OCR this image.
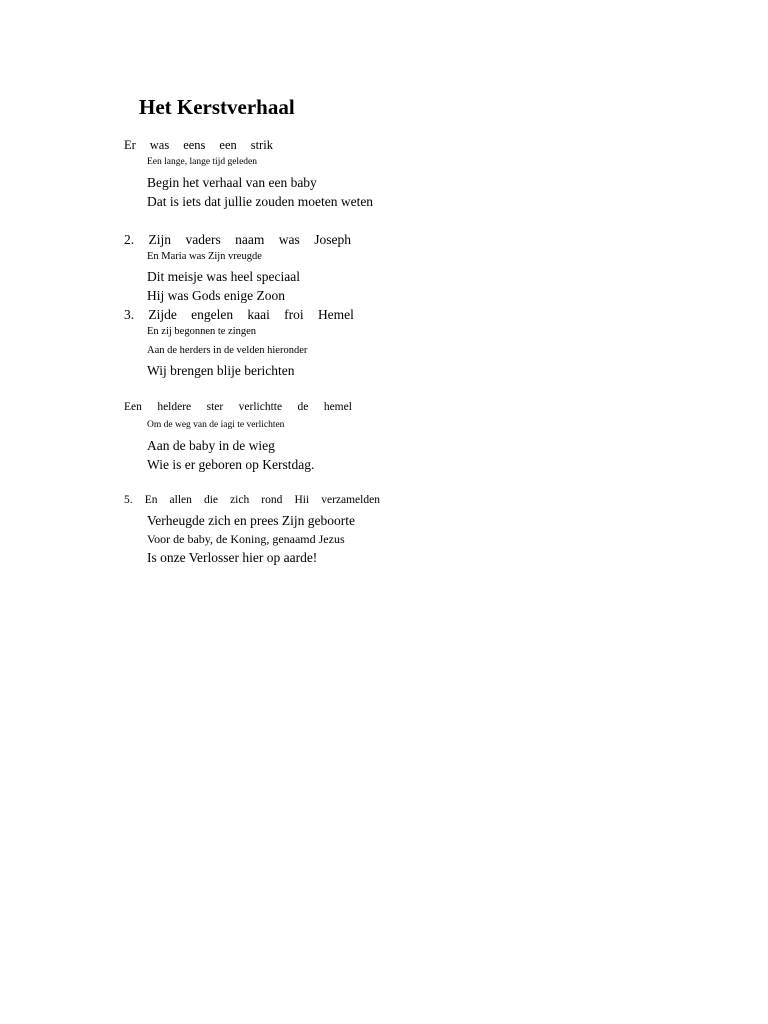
Het Kerstverhaal
Er was eens een strik
Een lange, lange tijd geleden
Begin het verhaal van een baby
Dat is iets dat jullie zouden moeten weten
2. Zijn vaders naam was Joseph
En Maria was Zijn vreugde
Dit meisje was heel speciaal
Hij was Gods enige Zoon
3. Zijde engelen kaai froi Hemel
En zij begonnen te zingen
Aan de herders in de velden hieronder
Wij brengen blije berichten
Een heldere ster verlichtte de hemel
Om de weg van de iagi te verlichten
Aan de baby in de wieg
Wie is er geboren op Kerstdag.
5. En allen die zich rond Hii verzamelden
Verheugde zich en prees Zijn geboorte
Voor de baby, de Koning, genaamd Jezus
Is onze Verlosser hier op aarde!
